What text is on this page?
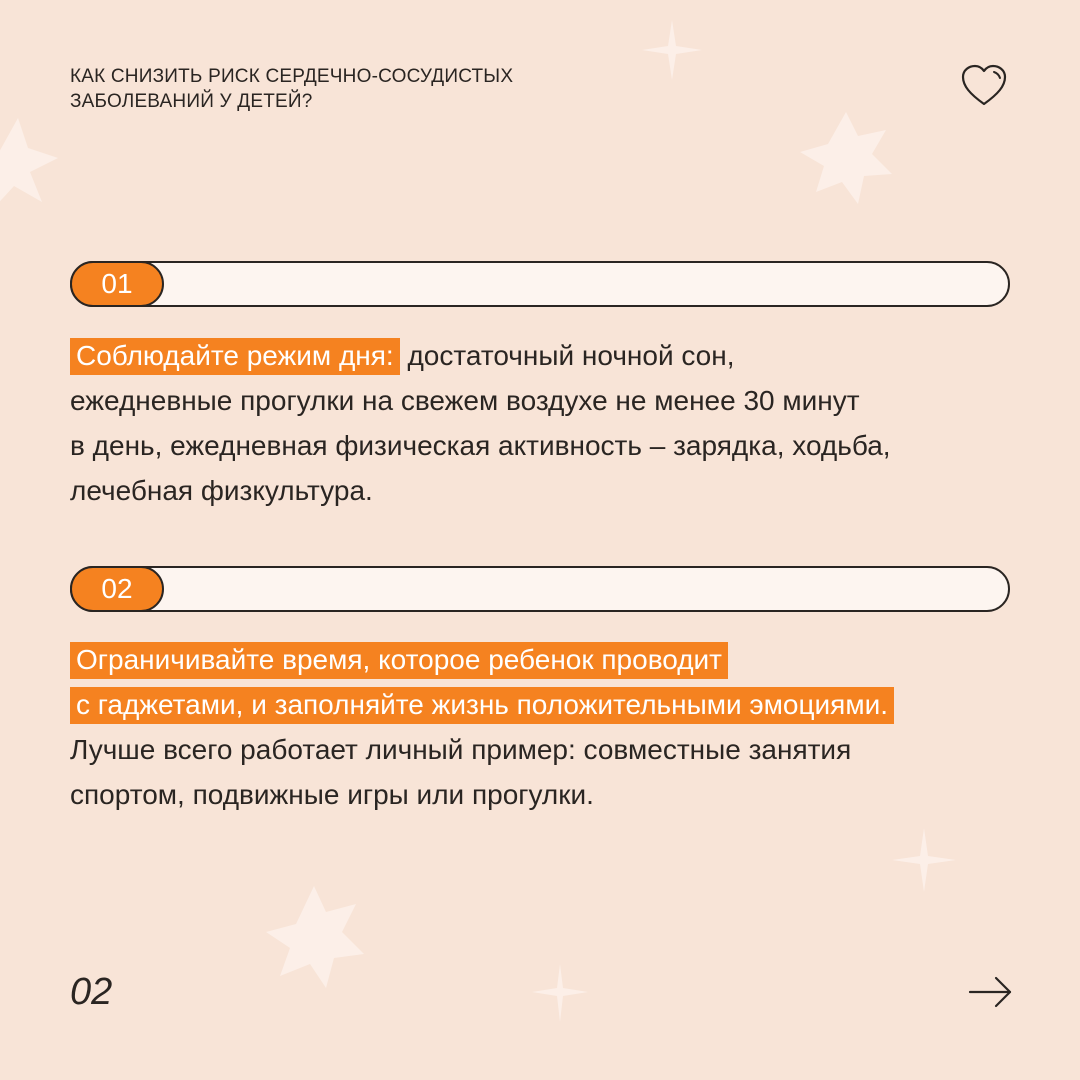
КАК СНИЗИТЬ РИСК СЕРДЕЧНО-СОСУДИСТЫХ
ЗАБОЛЕВАНИЙ У ДЕТЕЙ?
01
Соблюдайте режим дня: достаточный ночной сон,
ежедневные прогулки на свежем воздухе не менее 30 минут
в день, ежедневная физическая активность – зарядка, ходьба,
лечебная физкультура.
02
Ограничивайте время, которое ребенок проводит
с гаджетами, и заполняйте жизнь положительными эмоциями.
Лучше всего работает личный пример: совместные занятия
спортом, подвижные игры или прогулки.
02
